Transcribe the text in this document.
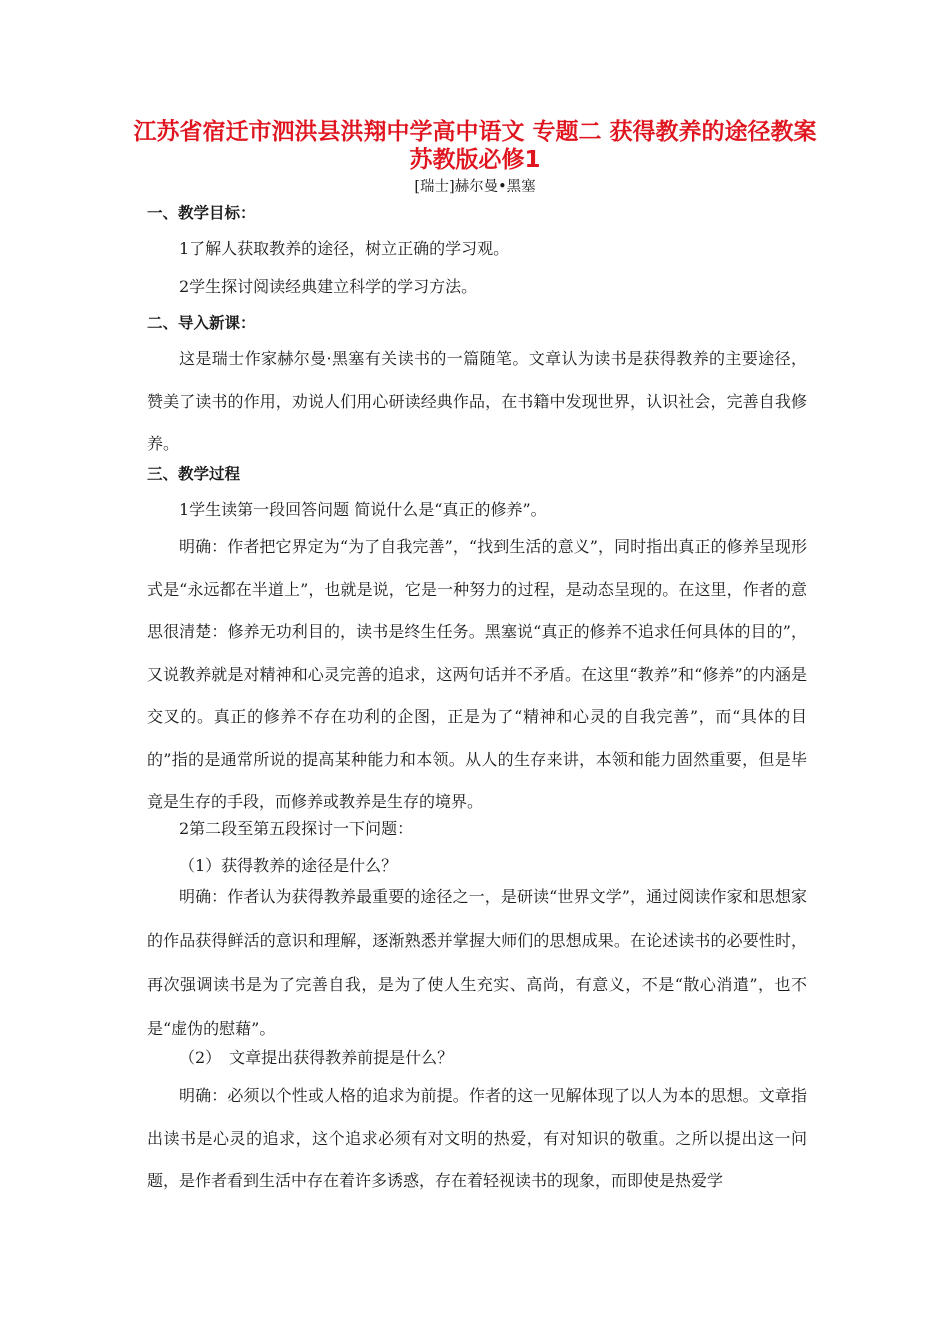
江苏省宿迁市泗洪县洪翔中学高中语文 专题二 获得教养的途径教案 苏教版必修1
[瑞士]赫尔曼•黑塞
一、教学目标：
1了解人获取教养的途径，树立正确的学习观。
2学生探讨阅读经典建立科学的学习方法。
二、导入新课：

这是瑞士作家赫尔曼·黑塞有关读书的一篇随笔。文章认为读书是获得教养的主要途径，赞美了读书的作用，劝说人们用心研读经典作品，在书籍中发现世界，认识社会，完善自我修养。

三、教学过程
1学生读第一段回答问题 简说什么是“真正的修养”。

明确：作者把它界定为“为了自我完善”，“找到生活的意义”，同时指出真正的修养呈现形式是“永远都在半道上”，也就是说，它是一种努力的过程，是动态呈现的。在这里，作者的意思很清楚：修养无功利目的，读书是终生任务。黑塞说“真正的修养不追求任何具体的目的”，又说教养就是对精神和心灵完善的追求，这两句话并不矛盾。在这里“教养”和“修养”的内涵是交叉的。真正的修养不存在功利的企图，正是为了“精神和心灵的自我完善”，而“具体的目的”指的是通常所说的提高某种能力和本领。从人的生存来讲，本领和能力固然重要，但是毕竟是生存的手段，而修养或教养是生存的境界。

2第二段至第五段探讨一下问题：
（1）获得教养的途径是什么？

明确：作者认为获得教养最重要的途径之一，是研读“世界文学”，通过阅读作家和思想家的作品获得鲜活的意识和理解，逐渐熟悉并掌握大师们的思想成果。在论述读书的必要性时，再次强调读书是为了完善自我，是为了使人生充实、高尚，有意义，不是“散心消遣”，也不是“虚伪的慰藉”。

（2）　文章提出获得教养前提是什么？

明确：必须以个性或人格的追求为前提。作者的这一见解体现了以人为本的思想。文章指出读书是心灵的追求，这个追求必须有对文明的热爱，有对知识的敬重。之所以提出这一问题，是作者看到生活中存在着许多诱惑，存在着轻视读书的现象，而即使是热爱学
